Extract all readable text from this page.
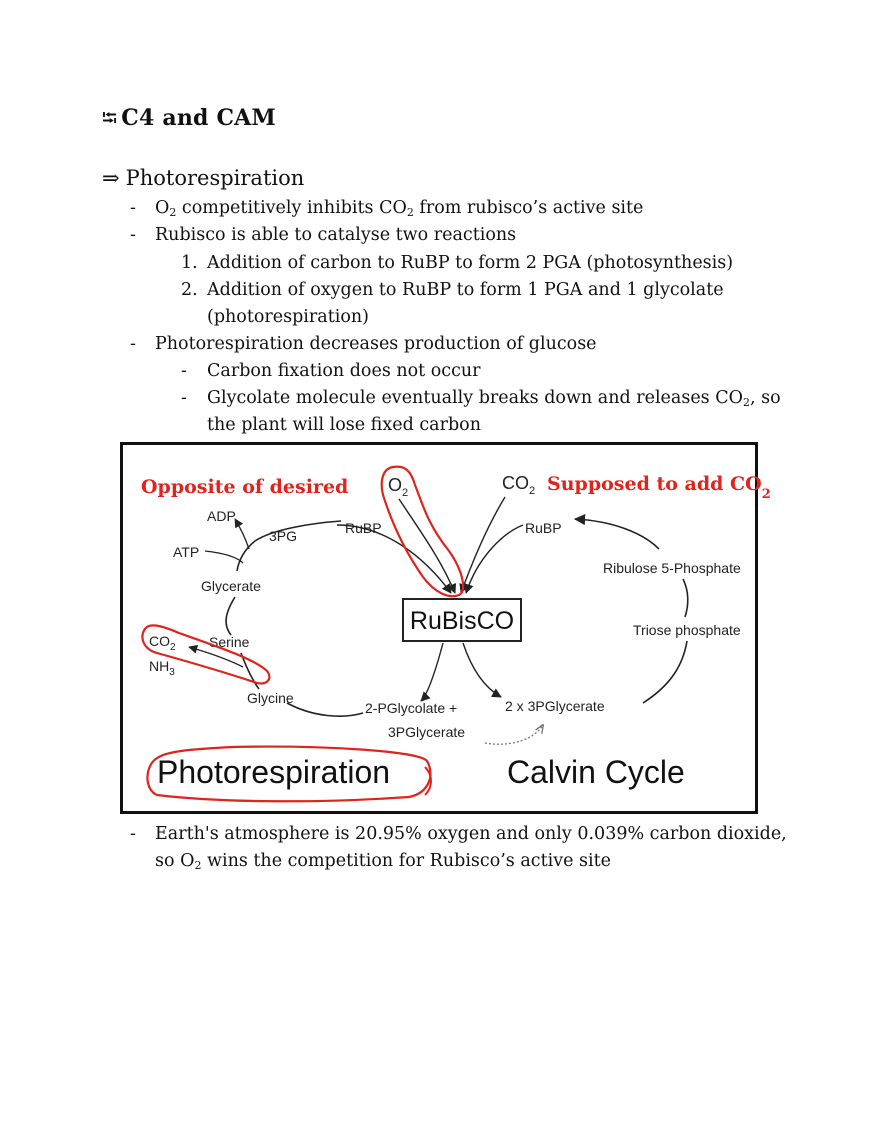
⭾ C4 and CAM
⇒ Photorespiration
- $O_2$ competitively inhibits $CO_2$ from rubisco’s active site
- Rubisco is able to catalyse two reactions
1. Addition of carbon to RuBP to form 2 PGA (photosynthesis)
2. Addition of oxygen to RuBP to form 1 PGA and 1 glycolate
(photorespiration)
- Photorespiration decreases production of glucose
- Carbon fixation does not occur
- Glycolate molecule eventually breaks down and releases $CO_2$, so
the plant will lose fixed carbon
Opposite of desired	Supposed to add $CO_2$
$O_2$	$CO_2$
RuBisCO
ADP
ATP
3PG	RuBP
Glycerate
Serine
$CO_2$
$NH_3$
Glycine
2-PGlycolate +
3PGlycerate
2 x 3PGlycerate
RuBP
Ribulose 5-Phosphate
Triose phosphate
Photorespiration	Calvin Cycle
- Earth's atmosphere is 20.95% oxygen and only 0.039% carbon dioxide,
so $O_2$ wins the competition for Rubisco’s active site
